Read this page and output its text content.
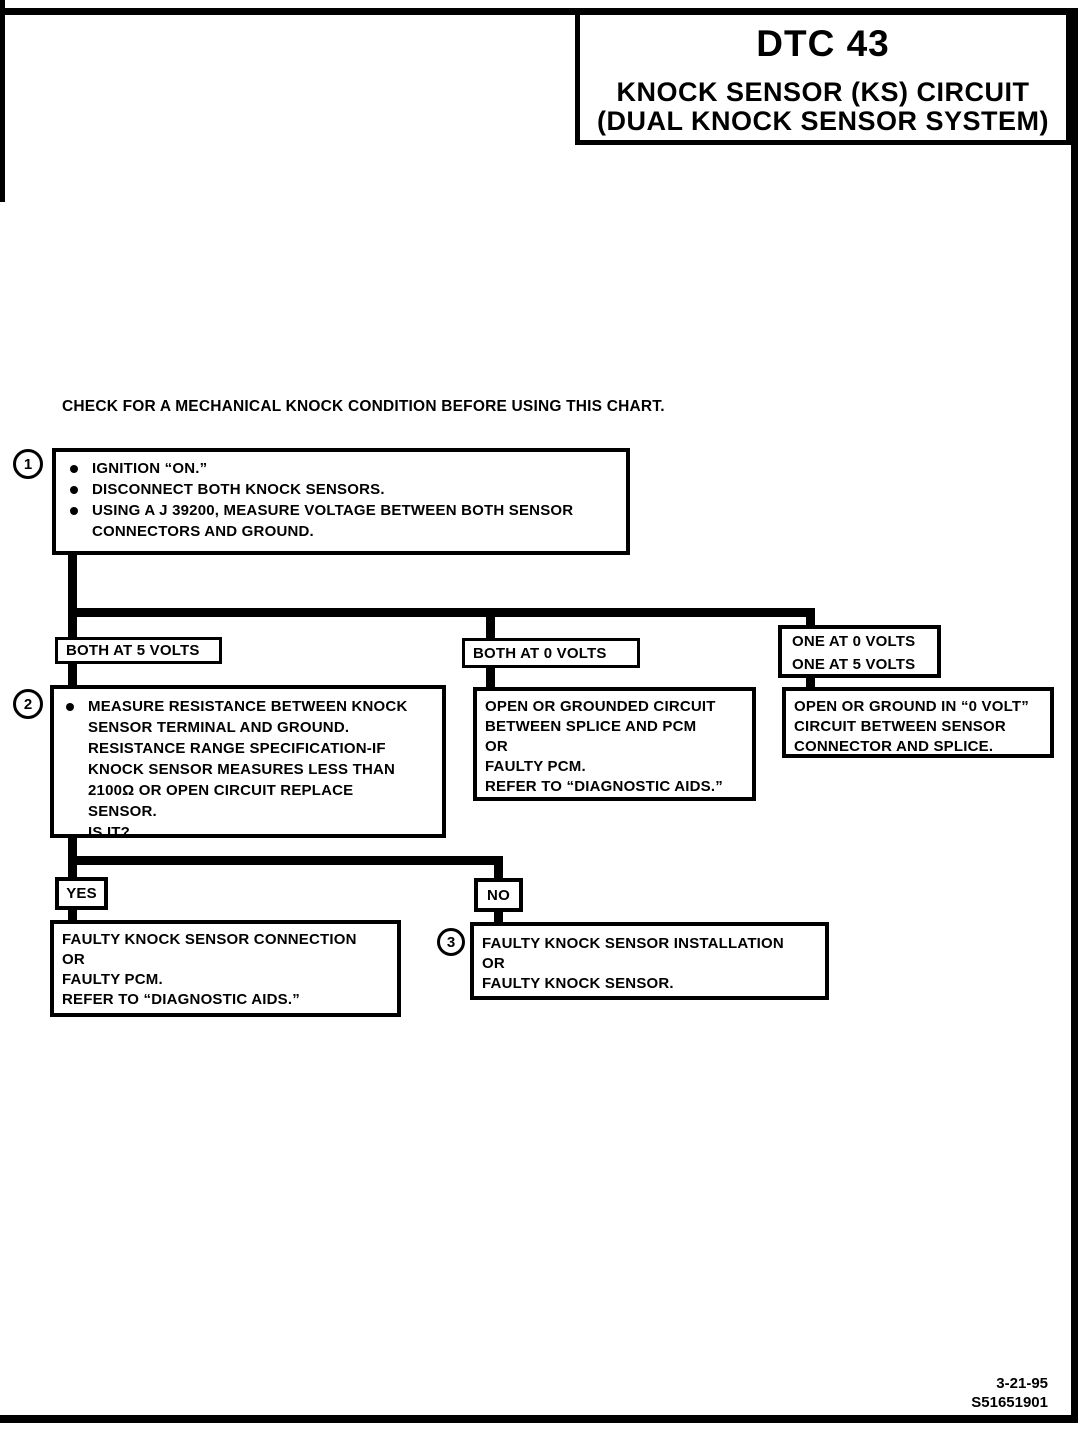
DTC 43
KNOCK SENSOR (KS) CIRCUIT
(DUAL KNOCK SENSOR SYSTEM)
CHECK FOR A MECHANICAL KNOCK CONDITION BEFORE USING THIS CHART.
1	IGNITION “ON.”
DISCONNECT BOTH KNOCK SENSORS.
USING A J 39200, MEASURE VOLTAGE BETWEEN BOTH SENSOR
CONNECTORS AND GROUND.
BOTH AT 5 VOLTS	BOTH AT 0 VOLTS
ONE AT 0 VOLTS
ONE AT 5 VOLTS
2	MEASURE RESISTANCE BETWEEN KNOCK
SENSOR TERMINAL AND GROUND.
RESISTANCE RANGE SPECIFICATION-IF
KNOCK SENSOR MEASURES LESS THAN
2100Ω OR OPEN CIRCUIT REPLACE
SENSOR.
IS IT?
OPEN OR GROUNDED CIRCUIT
BETWEEN SPLICE AND PCM
OR
FAULTY PCM.
REFER TO “DIAGNOSTIC AIDS.”
OPEN OR GROUND IN “0 VOLT”
CIRCUIT BETWEEN SENSOR
CONNECTOR AND SPLICE.
YES	NO
FAULTY KNOCK SENSOR CONNECTION
OR
FAULTY PCM.
REFER TO “DIAGNOSTIC AIDS.”
3	FAULTY KNOCK SENSOR INSTALLATION
OR
FAULTY KNOCK SENSOR.
3-21-95
S51651901
